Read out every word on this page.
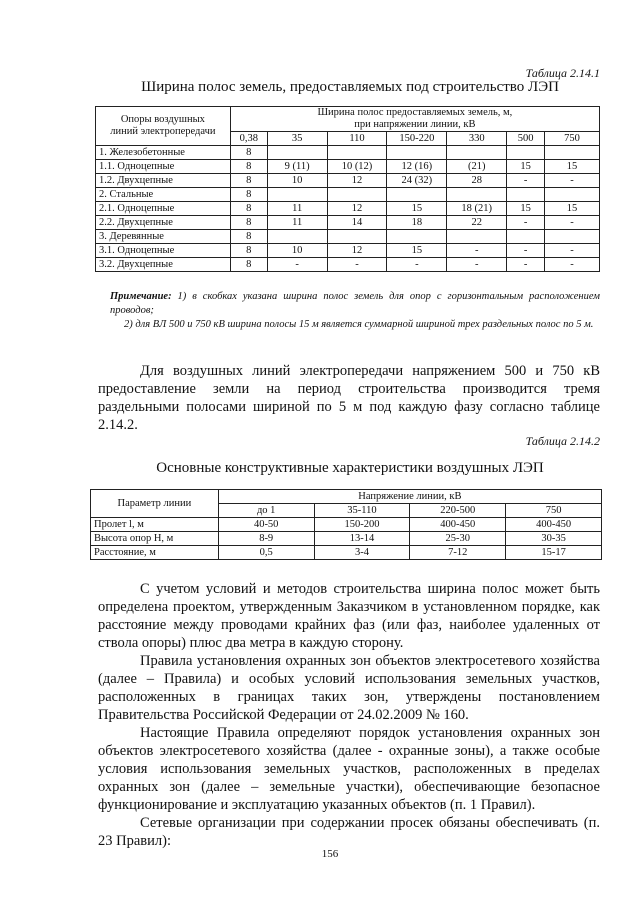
Таблица 2.14.1
Ширина полос земель, предоставляемых под строительство ЛЭП
Опоры воздушных
линий электропередачи	Ширина полос предоставляемых земель, м,
при напряжении линии, кВ						
	0,38	35	110	150-220	330	500	750
1. Железобетонные	8						
1.1. Одноцепные	8	9 (11)	10 (12)	12 (16)	(21)	15	15
1.2. Двухцепные	8	10	12	24 (32)	28	-	-
2. Стальные	8						
2.1. Одноцепные	8	11	12	15	18 (21)	15	15
2.2. Двухцепные	8	11	14	18	22	-	-
3. Деревянные	8						
3.1. Одноцепные	8	10	12	15	-	-	-
3.2. Двухцепные	8	-	-	-	-	-	-
Примечание: 1) в скобках указана ширина полос земель для опор с горизонтальным расположением проводов;
2) для ВЛ 500 и 750 кВ ширина полосы 15 м является суммарной шириной трех раздельных полос по 5 м.
Для воздушных линий электропередачи напряжением 500 и 750 кВ предоставление земли на период строительства производится тремя раздельными полосами шириной по 5 м под каждую фазу согласно таблице 2.14.2.
Таблица 2.14.2
Основные конструктивные характеристики воздушных ЛЭП
Параметр линии	Напряжение линии, кВ			
	до 1	35-110	220-500	750
Пролет l, м	40-50	150-200	400-450	400-450
Высота опор Н, м	8-9	13-14	25-30	30-35
Расстояние, м	0,5	3-4	7-12	15-17
С учетом условий и методов строительства ширина полос может быть определена проектом, утвержденным Заказчиком в установленном порядке, как расстояние между проводами крайних фаз (или фаз, наиболее удаленных от ствола опоры) плюс два метра в каждую сторону.
Правила установления охранных зон объектов электросетевого хозяйства (далее – Правила) и особых условий использования земельных участков, расположенных в границах таких зон, утверждены постановлением Правительства Российской Федерации от 24.02.2009 № 160.
Настоящие Правила определяют порядок установления охранных зон объектов электросетевого хозяйства (далее - охранные зоны), а также особые условия использования земельных участков, расположенных в пределах охранных зон (далее – земельные участки), обеспечивающие безопасное функционирование и эксплуатацию указанных объектов (п. 1 Правил).
Сетевые организации при содержании просек обязаны обеспечивать (п. 23 Правил):
156
